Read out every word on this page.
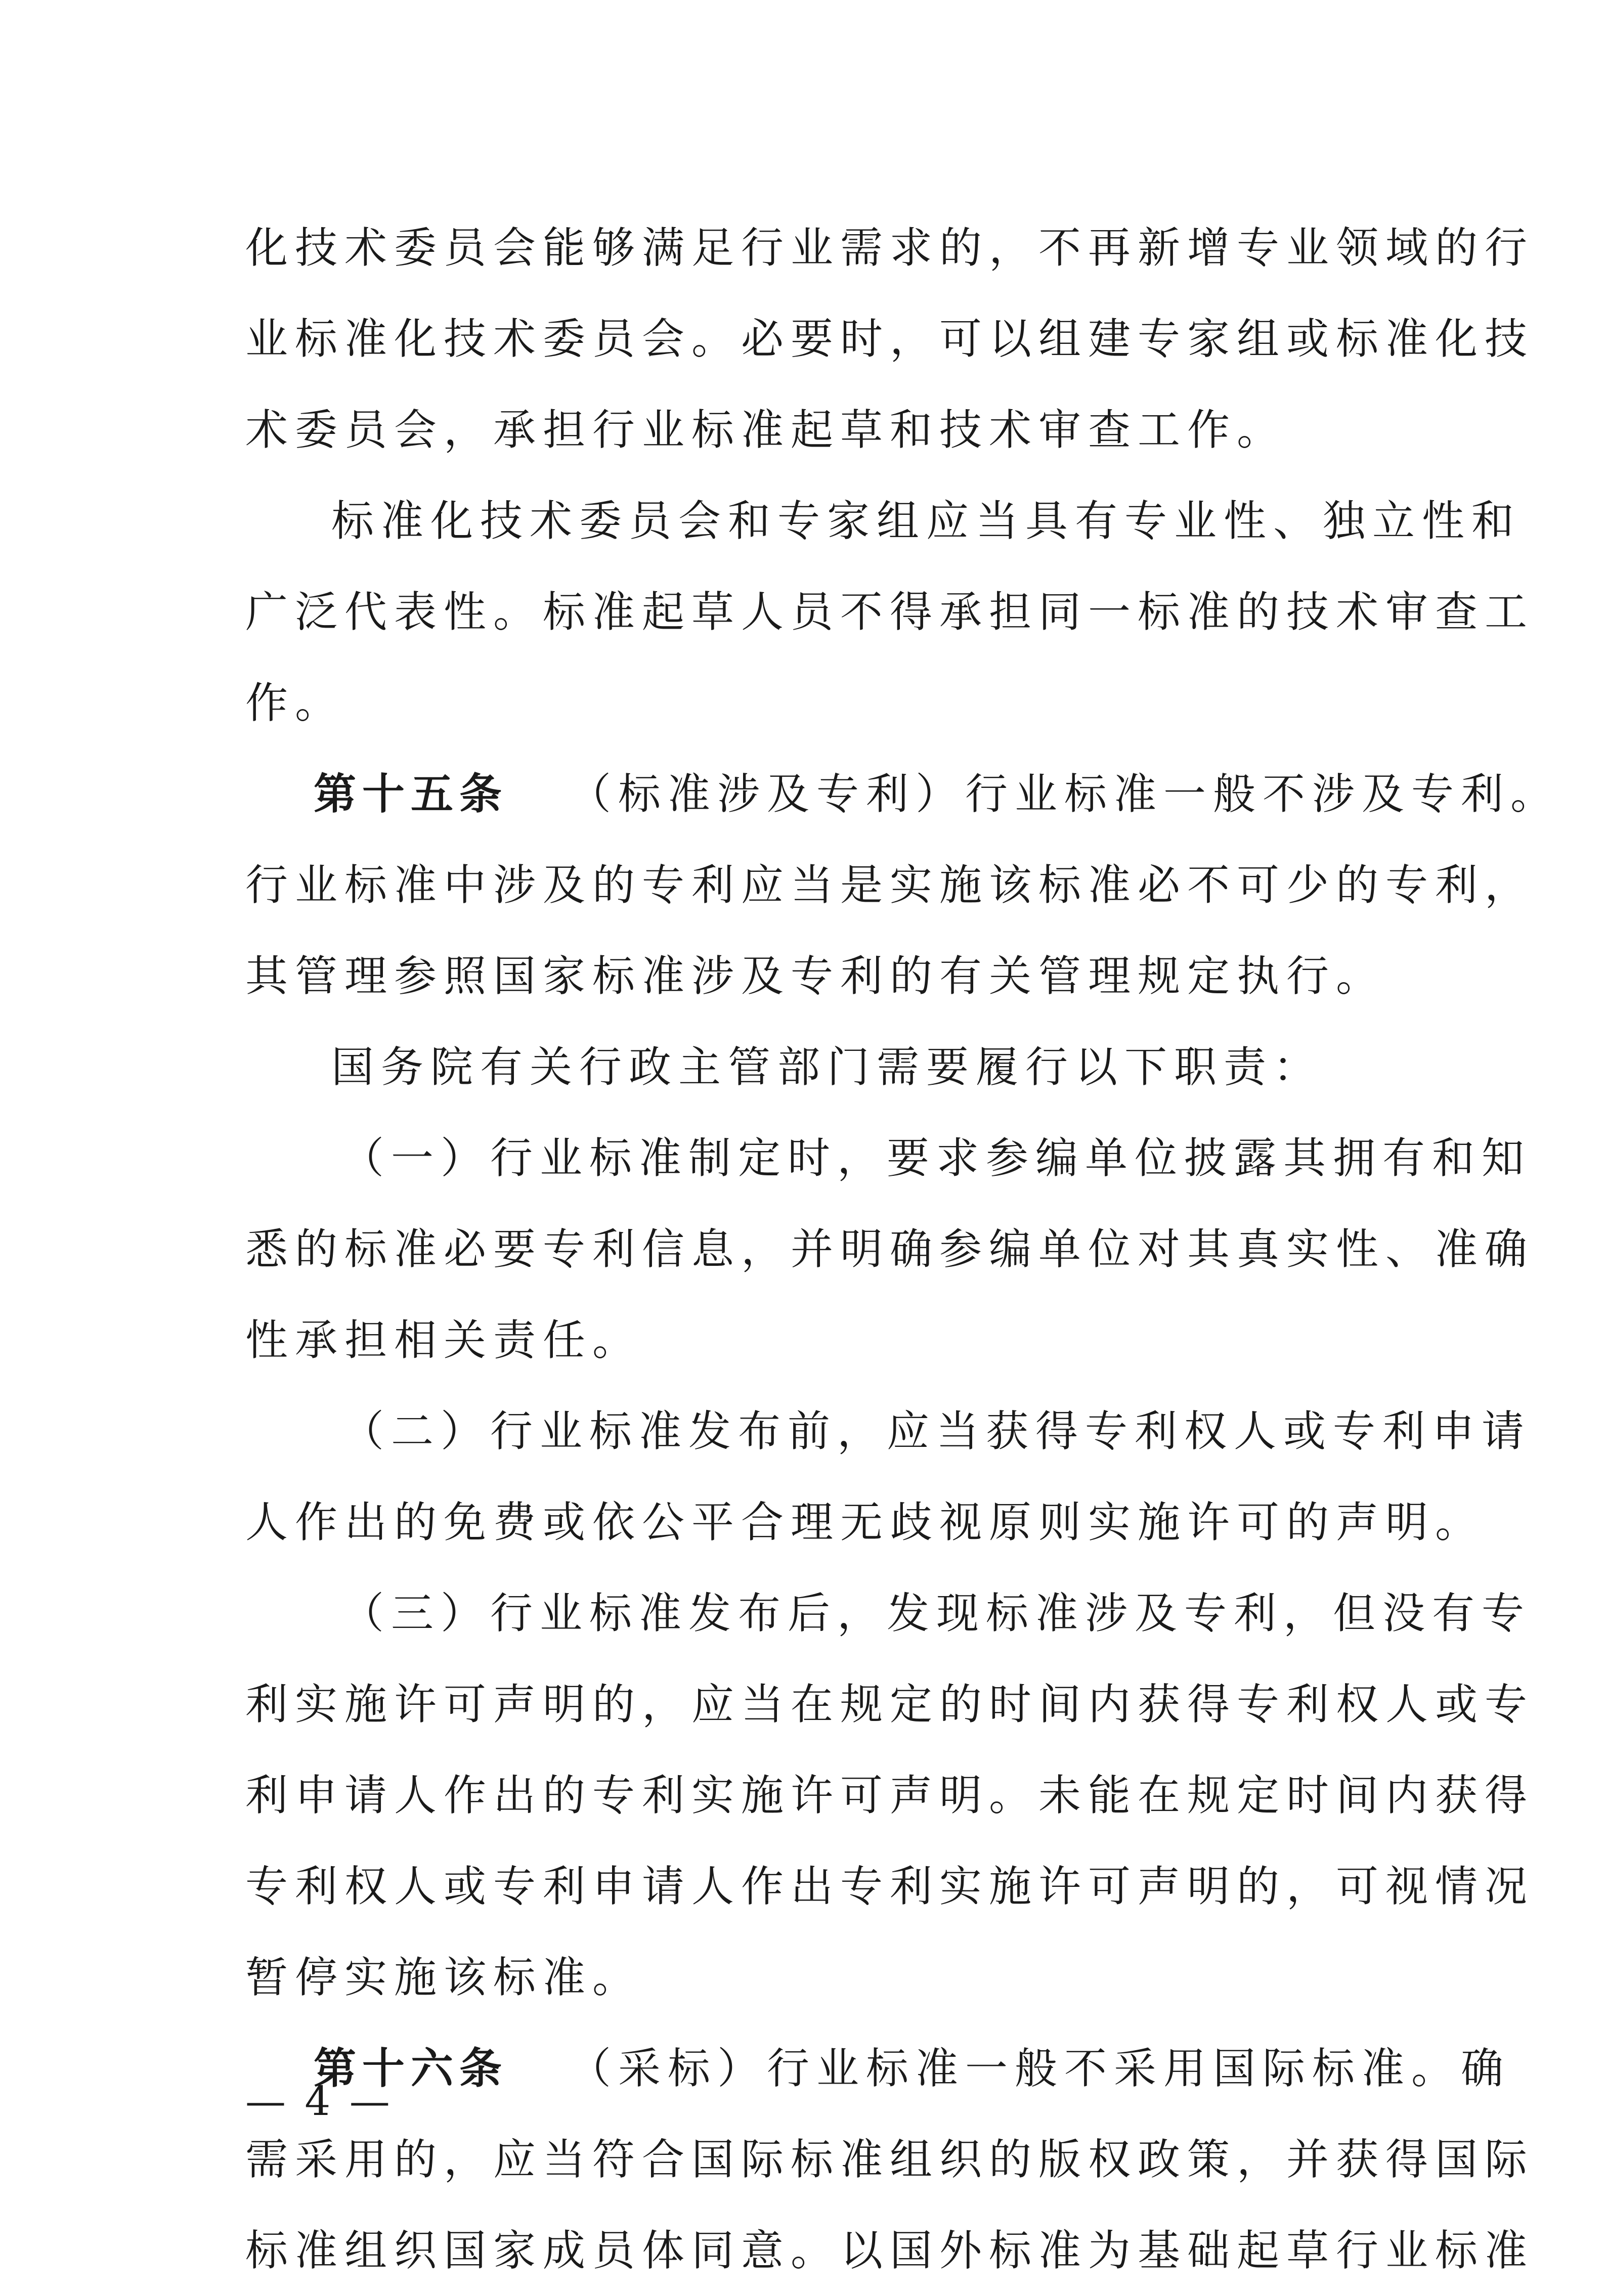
化技术委员会能够满足行业需求的，不再新增专业领域的行
业标准化技术委员会。必要时，可以组建专家组或标准化技
术委员会，承担行业标准起草和技术审查工作。
标准化技术委员会和专家组应当具有专业性、独立性和
广泛代表性。标准起草人员不得承担同一标准的技术审查工
作。
第十五条 （标准涉及专利）行业标准一般不涉及专利。
行业标准中涉及的专利应当是实施该标准必不可少的专利，
其管理参照国家标准涉及专利的有关管理规定执行。
国务院有关行政主管部门需要履行以下职责：
（一）行业标准制定时，要求参编单位披露其拥有和知
悉的标准必要专利信息，并明确参编单位对其真实性、准确
性承担相关责任。
（二）行业标准发布前，应当获得专利权人或专利申请
人作出的免费或依公平合理无歧视原则实施许可的声明。
（三）行业标准发布后，发现标准涉及专利，但没有专
利实施许可声明的，应当在规定的时间内获得专利权人或专
利申请人作出的专利实施许可声明。未能在规定时间内获得
专利权人或专利申请人作出专利实施许可声明的，可视情况
暂停实施该标准。
第十六条 （采标）行业标准一般不采用国际标准。确
需采用的，应当符合国际标准组织的版权政策，并获得国际
标准组织国家成员体同意。以国外标准为基础起草行业标准
— 4 —
